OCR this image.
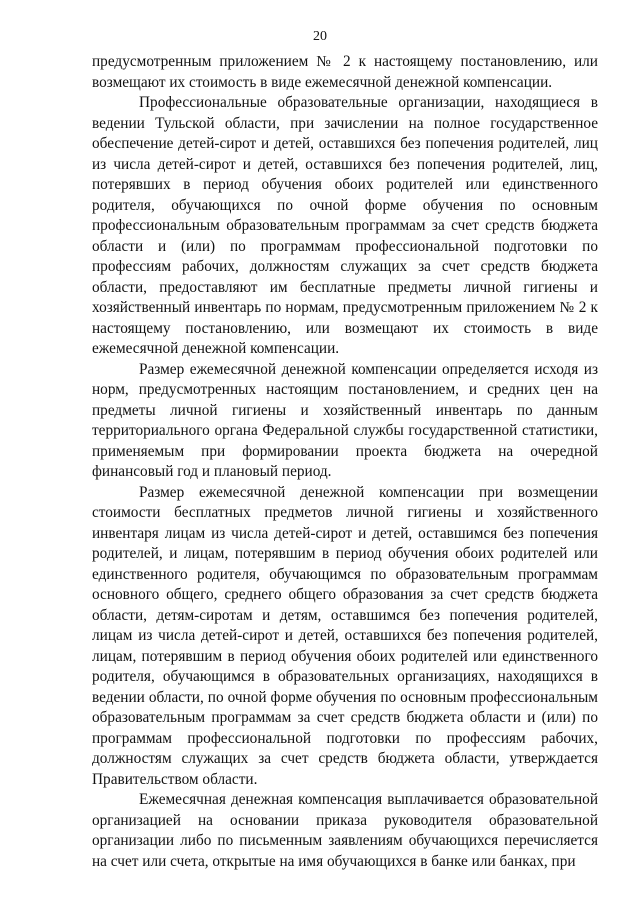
20

предусмотренным приложением № 2 к настоящему постановлению, или возмещают их стоимость в виде ежемесячной денежной компенсации.

Профессиональные образовательные организации, находящиеся в ведении Тульской области, при зачислении на полное государственное обеспечение детей-сирот и детей, оставшихся без попечения родителей, лиц из числа детей-сирот и детей, оставшихся без попечения родителей, лиц, потерявших в период обучения обоих родителей или единственного родителя, обучающихся по очной форме обучения по основным профессиональным образовательным программам за счет средств бюджета области и (или) по программам профессиональной подготовки по профессиям рабочих, должностям служащих за счет средств бюджета области, предоставляют им бесплатные предметы личной гигиены и хозяйственный инвентарь по нормам, предусмотренным приложением № 2 к настоящему постановлению, или возмещают их стоимость в виде ежемесячной денежной компенсации.

Размер ежемесячной денежной компенсации определяется исходя из норм, предусмотренных настоящим постановлением, и средних цен на предметы личной гигиены и хозяйственный инвентарь по данным территориального органа Федеральной службы государственной статистики, применяемым при формировании проекта бюджета на очередной финансовый год и плановый период.

Размер ежемесячной денежной компенсации при возмещении стоимости бесплатных предметов личной гигиены и хозяйственного инвентаря лицам из числа детей-сирот и детей, оставшимся без попечения родителей, и лицам, потерявшим в период обучения обоих родителей или единственного родителя, обучающимся по образовательным программам основного общего, среднего общего образования за счет средств бюджета области, детям-сиротам и детям, оставшимся без попечения родителей, лицам из числа детей-сирот и детей, оставшихся без попечения родителей, лицам, потерявшим в период обучения обоих родителей или единственного родителя, обучающимся в образовательных организациях, находящихся в ведении области, по очной форме обучения по основным профессиональным образовательным программам за счет средств бюджета области и (или) по программам профессиональной подготовки по профессиям рабочих, должностям служащих за счет средств бюджета области, утверждается Правительством области.

Ежемесячная денежная компенсация выплачивается образовательной организацией на основании приказа руководителя образовательной организации либо по письменным заявлениям обучающихся перечисляется на счет или счета, открытые на имя обучающихся в банке или банках, при
